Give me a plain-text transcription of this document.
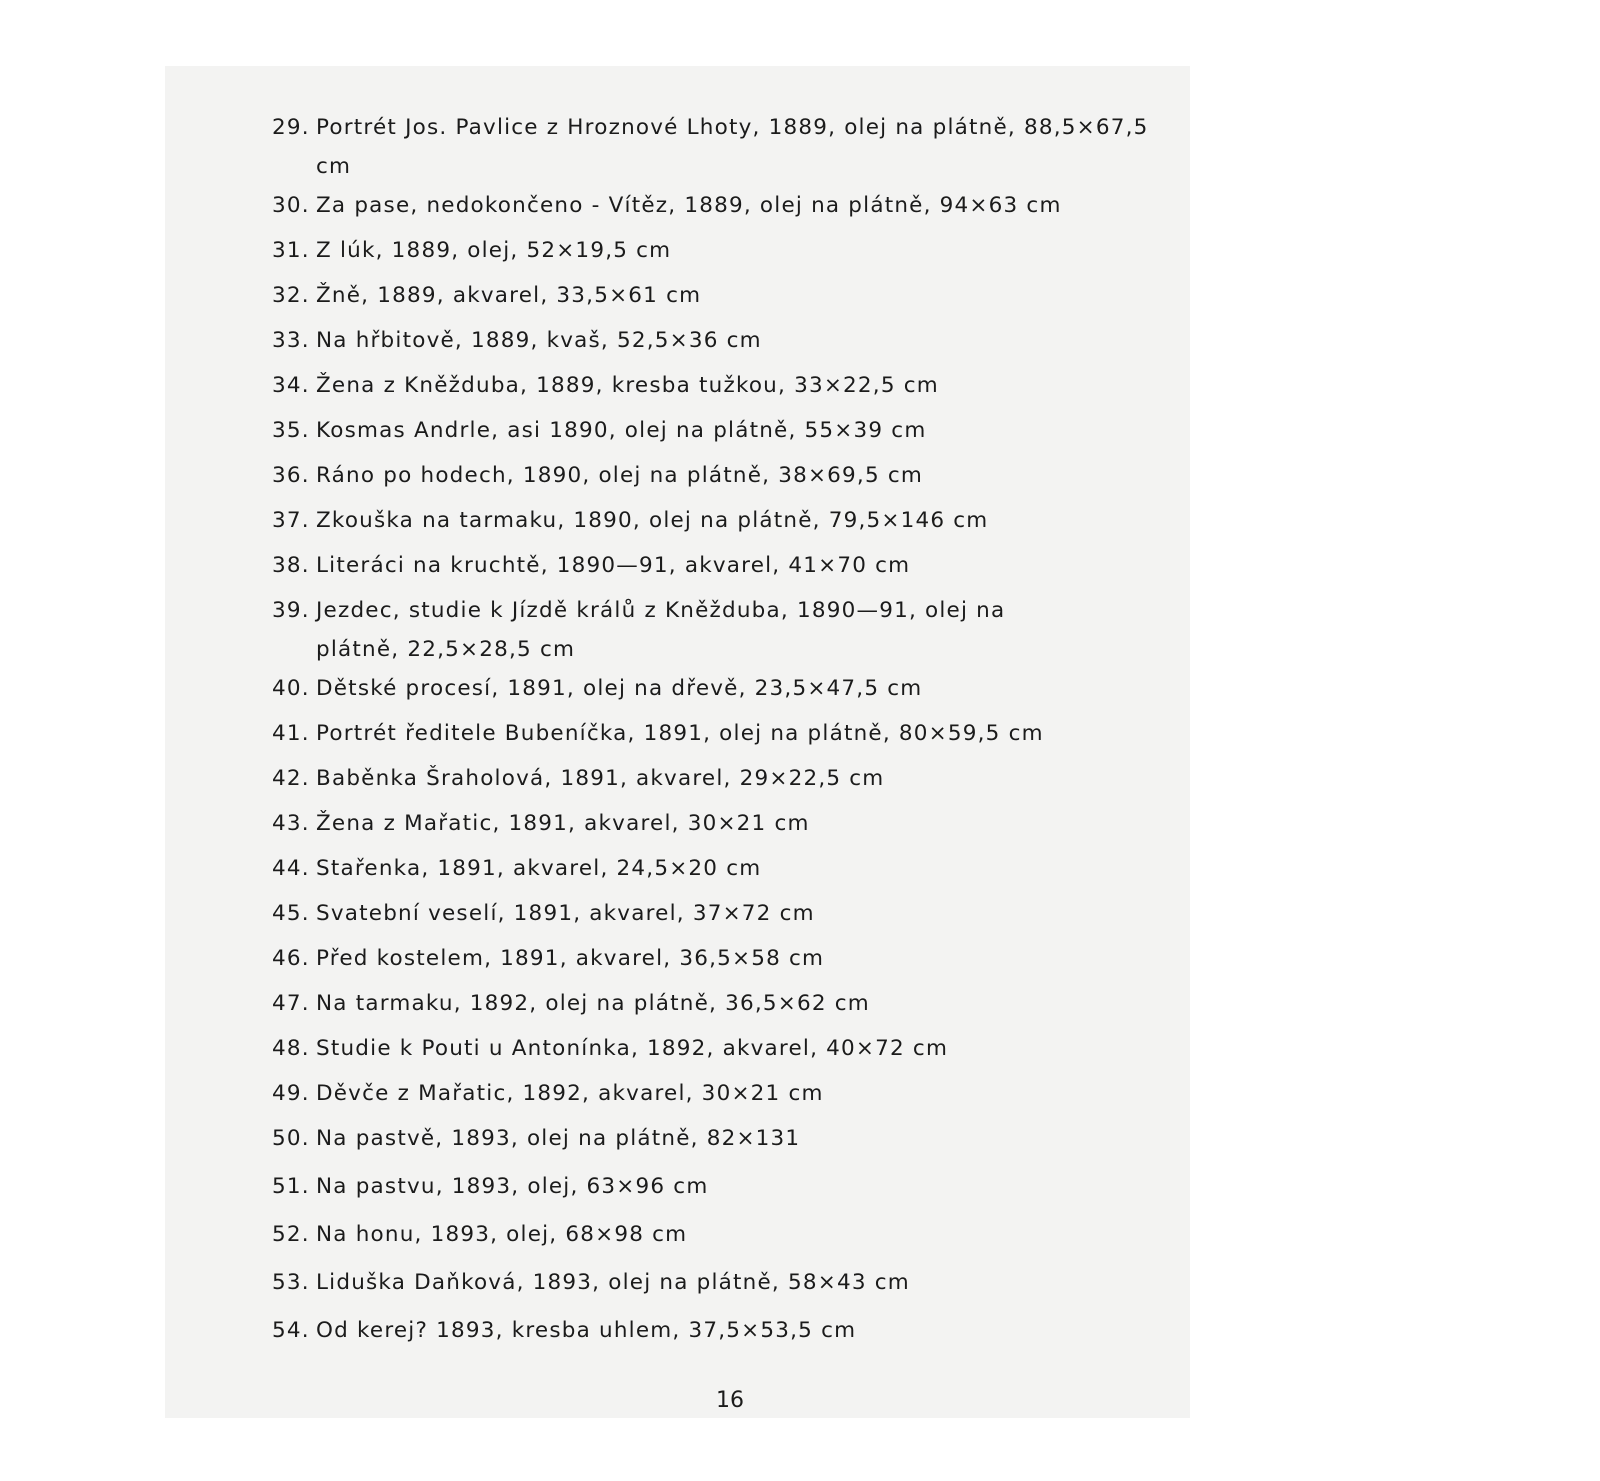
29. Portrét Jos. Pavlice z Hroznové Lhoty, 1889, olej na plátně, 88,5×67,5 cm
30. Za pase, nedokončeno - Vítěz, 1889, olej na plátně, 94×63 cm
31. Z lúk, 1889, olej, 52×19,5 cm
32. Žně, 1889, akvarel, 33,5×61 cm
33. Na hřbitově, 1889, kvaš, 52,5×36 cm
34. Žena z Kněžduba, 1889, kresba tužkou, 33×22,5 cm
35. Kosmas Andrle, asi 1890, olej na plátně, 55×39 cm
36. Ráno po hodech, 1890, olej na plátně, 38×69,5 cm
37. Zkouška na tarmaku, 1890, olej na plátně, 79,5×146 cm
38. Literáci na kruchtě, 1890—91, akvarel, 41×70 cm
39. Jezdec, studie k Jízdě králů z Kněžduba, 1890—91, olej na plátně, 22,5×28,5 cm
40. Dětské procesí, 1891, olej na dřevě, 23,5×47,5 cm
41. Portrét ředitele Bubeníčka, 1891, olej na plátně, 80×59,5 cm
42. Baběnka Šraholová, 1891, akvarel, 29×22,5 cm
43. Žena z Mařatic, 1891, akvarel, 30×21 cm
44. Stařenka, 1891, akvarel, 24,5×20 cm
45. Svatební veselí, 1891, akvarel, 37×72 cm
46. Před kostelem, 1891, akvarel, 36,5×58 cm
47. Na tarmaku, 1892, olej na plátně, 36,5×62 cm
48. Studie k Pouti u Antonínka, 1892, akvarel, 40×72 cm
49. Děvče z Mařatic, 1892, akvarel, 30×21 cm
50. Na pastvě, 1893, olej na plátně, 82×131
51. Na pastvu, 1893, olej, 63×96 cm
52. Na honu, 1893, olej, 68×98 cm
53. Liduška Daňková, 1893, olej na plátně, 58×43 cm
54. Od kerej? 1893, kresba uhlem, 37,5×53,5 cm
16
